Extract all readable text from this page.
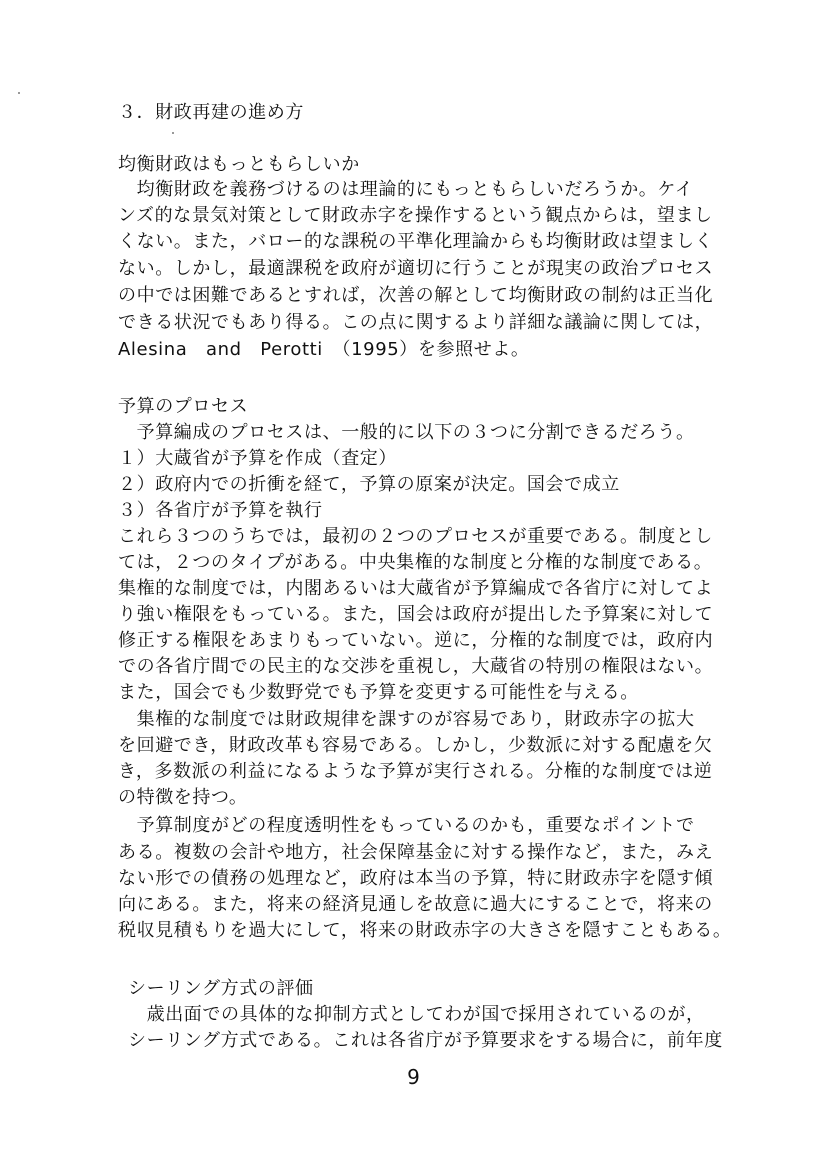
３．財政再建の進め方
均衡財政はもっともらしいか
　均衡財政を義務づけるのは理論的にもっともらしいだろうか。ケイ
ンズ的な景気対策として財政赤字を操作するという観点からは，望まし
くない。また，バロー的な課税の平準化理論からも均衡財政は望ましく
ない。しかし，最適課税を政府が適切に行うことが現実の政治プロセス
の中では困難であるとすれば，次善の解として均衡財政の制約は正当化
できる状況でもあり得る。この点に関するより詳細な議論に関しては，
Alesina　and　Perotti　（1995）を参照せよ。
予算のプロセス
　予算編成のプロセスは、一般的に以下の３つに分割できるだろう。
１）大蔵省が予算を作成（査定）
２）政府内での折衝を経て，予算の原案が決定。国会で成立
３）各省庁が予算を執行
これら３つのうちでは，最初の２つのプロセスが重要である。制度とし
ては，２つのタイプがある。中央集権的な制度と分権的な制度である。
集権的な制度では，内閣あるいは大蔵省が予算編成で各省庁に対してよ
り強い権限をもっている。また，国会は政府が提出した予算案に対して
修正する権限をあまりもっていない。逆に，分権的な制度では，政府内
での各省庁間での民主的な交渉を重視し，大蔵省の特別の権限はない。
また，国会でも少数野党でも予算を変更する可能性を与える。
　集権的な制度では財政規律を課すのが容易であり，財政赤字の拡大
を回避でき，財政改革も容易である。しかし，少数派に対する配慮を欠
き，多数派の利益になるような予算が実行される。分権的な制度では逆
の特徴を持つ。
　予算制度がどの程度透明性をもっているのかも，重要なポイントで
ある。複数の会計や地方，社会保障基金に対する操作など，また，みえ
ない形での債務の処理など，政府は本当の予算，特に財政赤字を隠す傾
向にある。また，将来の経済見通しを故意に過大にすることで，将来の
税収見積もりを過大にして，将来の財政赤字の大きさを隠すこともある。
シーリング方式の評価
　歳出面での具体的な抑制方式としてわが国で採用されているのが，
シーリング方式である。これは各省庁が予算要求をする場合に，前年度
9
